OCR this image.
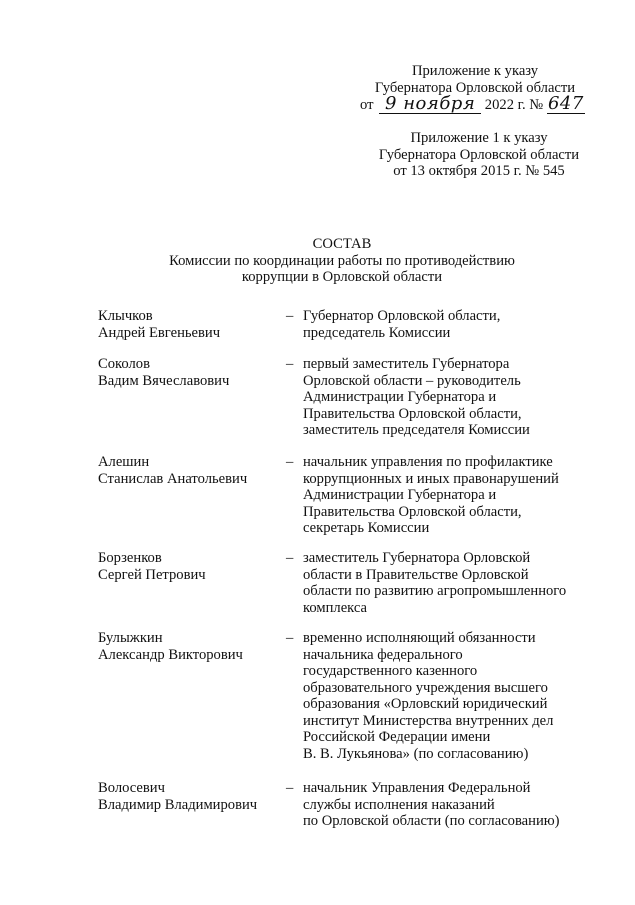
Приложение к указу
Губернатора Орловской области
от 9 ноября 2022 г. № 647
Приложение 1 к указу
Губернатора Орловской области
от 13 октября 2015 г. № 545
СОСТАВ
Комиссии по координации работы по противодействию
коррупции в Орловской области
Клычков
Андрей Евгеньевич
– Губернатор Орловской области,
председатель Комиссии
Соколов
Вадим Вячеславович
– первый заместитель Губернатора
Орловской области – руководитель
Администрации Губернатора и
Правительства Орловской области,
заместитель председателя Комиссии
Алешин
Станислав Анатольевич
– начальник управления по профилактике
коррупционных и иных правонарушений
Администрации Губернатора и
Правительства Орловской области,
секретарь Комиссии
Борзенков
Сергей Петрович
– заместитель Губернатора Орловской
области в Правительстве Орловской
области по развитию агропромышленного
комплекса
Булыжкин
Александр Викторович
– временно исполняющий обязанности
начальника федерального
государственного казенного
образовательного учреждения высшего
образования «Орловский юридический
институт Министерства внутренних дел
Российской Федерации имени
В. В. Лукьянова» (по согласованию)
Волосевич
Владимир Владимирович
– начальник Управления Федеральной
службы исполнения наказаний
по Орловской области (по согласованию)
